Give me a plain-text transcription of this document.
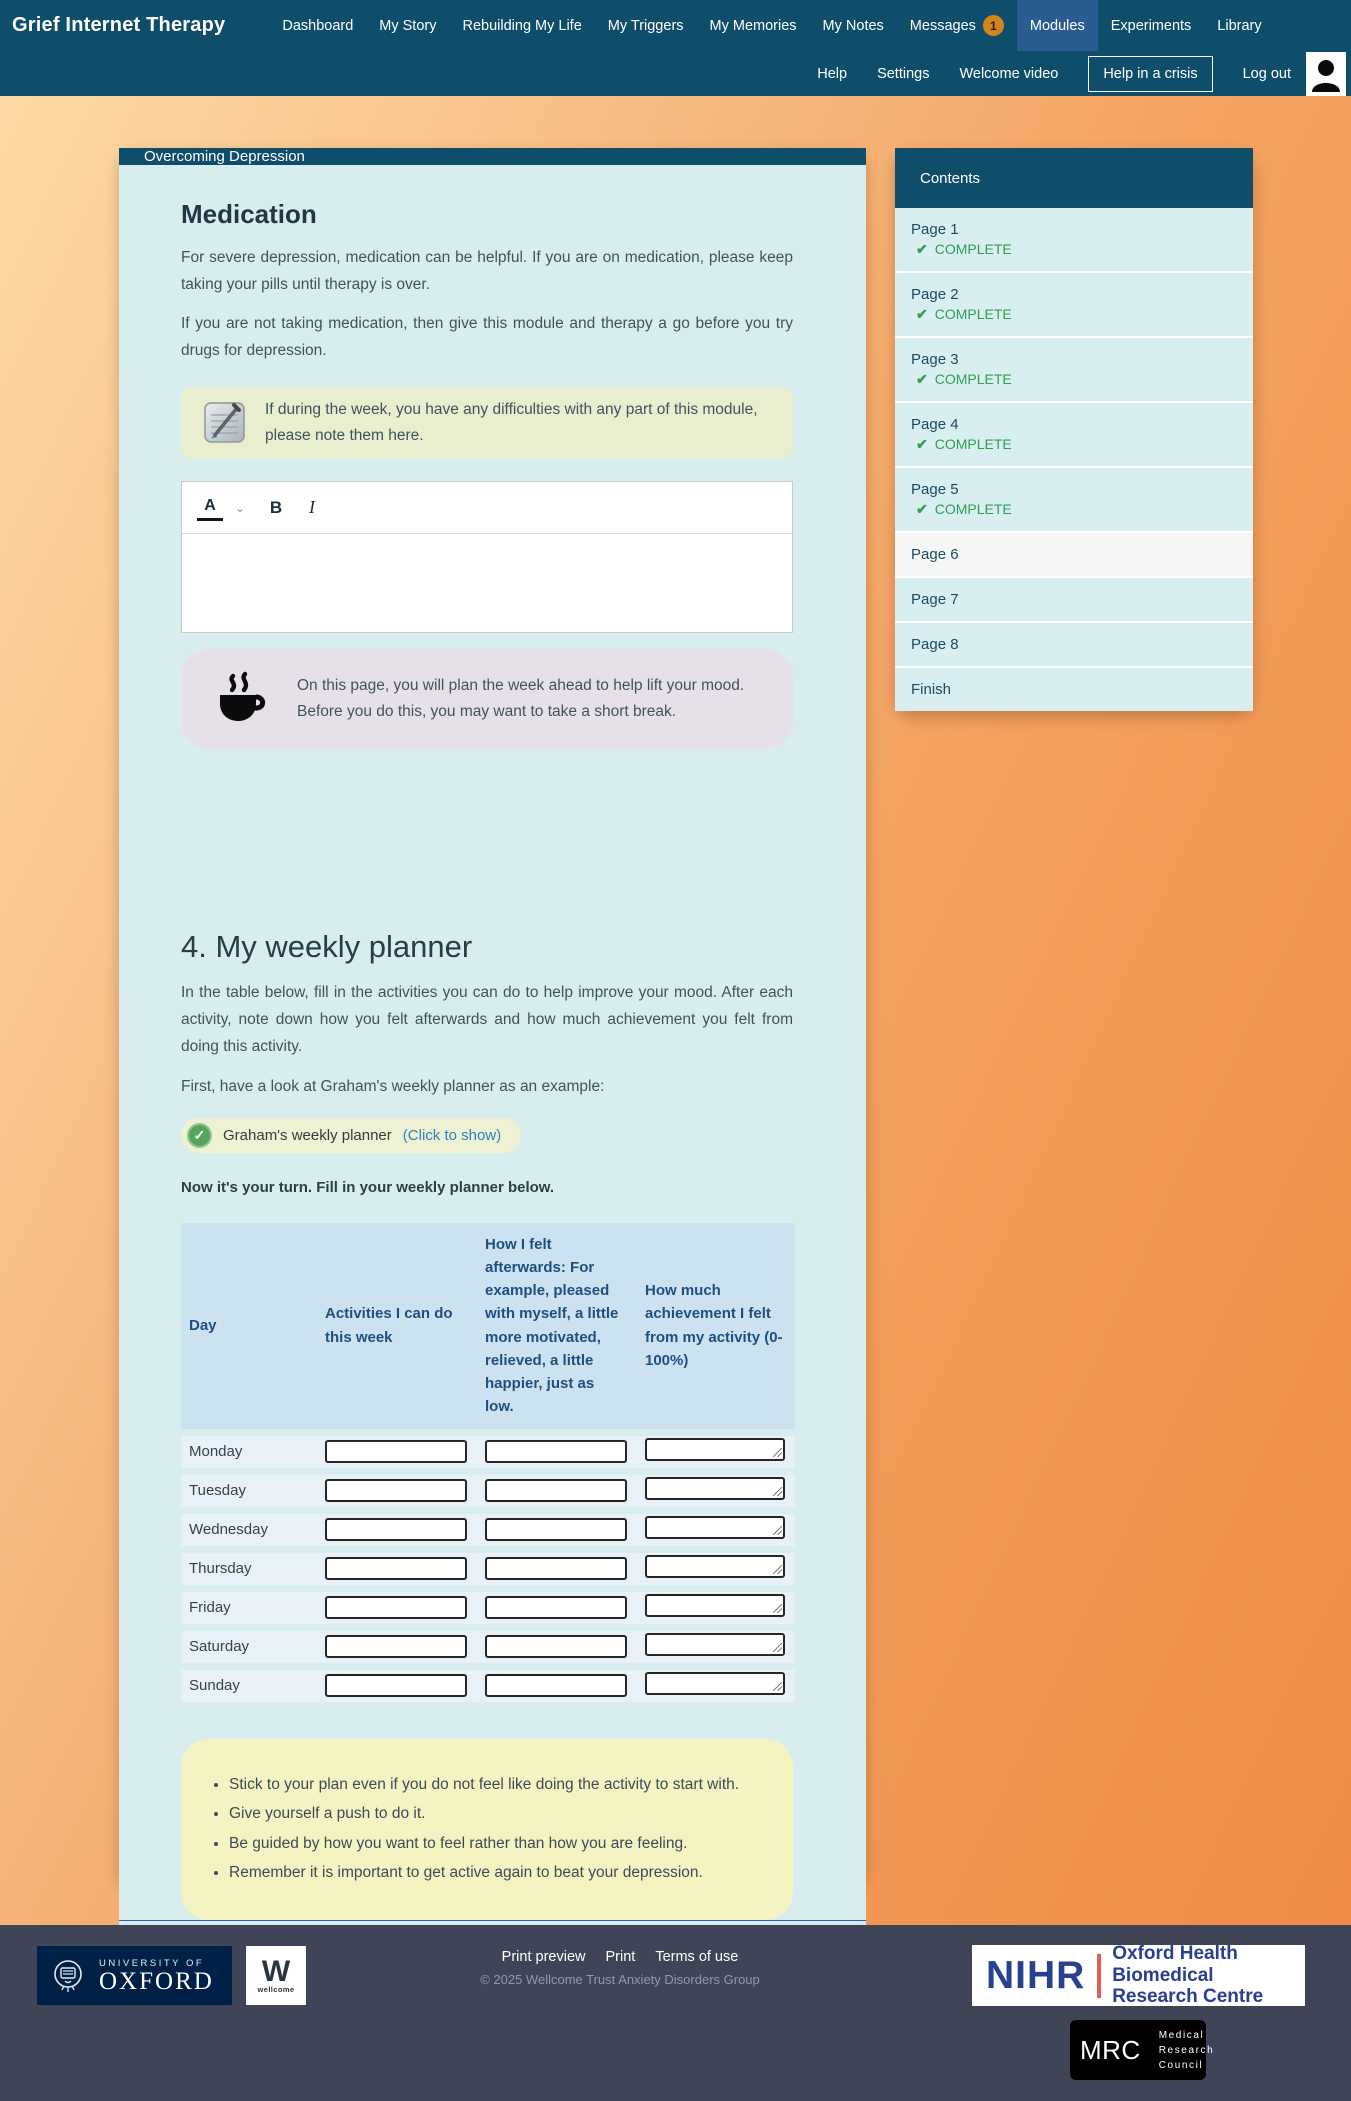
Grief Internet Therapy	Dashboard My Story Rebuilding My Life My Triggers My Memories My Notes Messages	1	Modules Experiments Library
Help Settings Welcome video	Help in a crisis	Log out
Overcoming Depression
Medication

For severe depression, medication can be helpful. If you are on medication, please keep taking your pills until therapy is over.

If you are not taking medication, then give this module and therapy a go before you try drugs for depression.

If during the week, you have any difficulties with any part of this module, please note them here.
A	⌄	B	I
On this page, you will plan the week ahead to help lift your mood. Before you do this, you may want to take a short break.
4. My weekly planner

In the table below, fill in the activities you can do to help improve your mood. After each activity, note down how you felt afterwards and how much achievement you felt from doing this activity.

First, have a look at Graham's weekly planner as an example:

✓	Graham's weekly planner (Click to show)
Now it's your turn. Fill in your weekly planner below.
Day	Activities I can do this week	How I felt afterwards: For example, pleased with myself, a little more motivated, relieved, a little happier, just as low.	How much achievement I felt from my activity (0-100%)
Monday	

Tuesday	

Wednesday	

Thursday	

Friday	

Saturday	

Sunday	

• Stick to your plan even if you do not feel like doing the activity to start with.
• Give yourself a push to do it.
• Be guided by how you want to feel rather than how you are feeling.
• Remember it is important to get active again to beat your depression.
Contents
Page 1
✔ COMPLETE
Page 2
✔ COMPLETE
Page 3
✔ COMPLETE
Page 4
✔ COMPLETE
Page 5
✔ COMPLETE
Page 6
Page 7
Page 8
Finish
UNIVERSITY OF
OXFORD W
wellcome
Print preview Print Terms of use
© 2025 Wellcome Trust Anxiety Disorders Group	NIHR
Oxford Health Biomedical
Research Centre
MRC Medical
Research
Council
